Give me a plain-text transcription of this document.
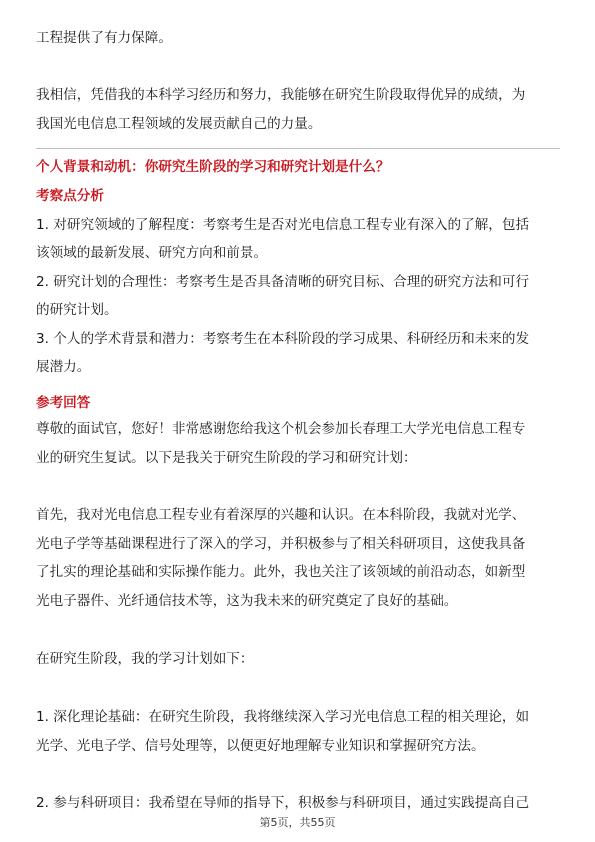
工程提供了有力保障。
我相信，凭借我的本科学习经历和努力，我能够在研究生阶段取得优异的成绩，为
我国光电信息工程领域的发展贡献自己的力量。
个人背景和动机：你研究生阶段的学习和研究计划是什么？
考察点分析
1. 对研究领域的了解程度：考察考生是否对光电信息工程专业有深入的了解，包括
该领域的最新发展、研究方向和前景。
2. 研究计划的合理性：考察考生是否具备清晰的研究目标、合理的研究方法和可行
的研究计划。
3. 个人的学术背景和潜力：考察考生在本科阶段的学习成果、科研经历和未来的发
展潜力。
参考回答
尊敬的面试官，您好！非常感谢您给我这个机会参加长春理工大学光电信息工程专
业的研究生复试。以下是我关于研究生阶段的学习和研究计划：
首先，我对光电信息工程专业有着深厚的兴趣和认识。在本科阶段，我就对光学、
光电子学等基础课程进行了深入的学习，并积极参与了相关科研项目，这使我具备
了扎实的理论基础和实际操作能力。此外，我也关注了该领域的前沿动态，如新型
光电子器件、光纤通信技术等，这为我未来的研究奠定了良好的基础。
在研究生阶段，我的学习计划如下：
1. 深化理论基础：在研究生阶段，我将继续深入学习光电信息工程的相关理论，如
光学、光电子学、信号处理等，以便更好地理解专业知识和掌握研究方法。
2. 参与科研项目：我希望在导师的指导下，积极参与科研项目，通过实践提高自己
第5页，共55页
